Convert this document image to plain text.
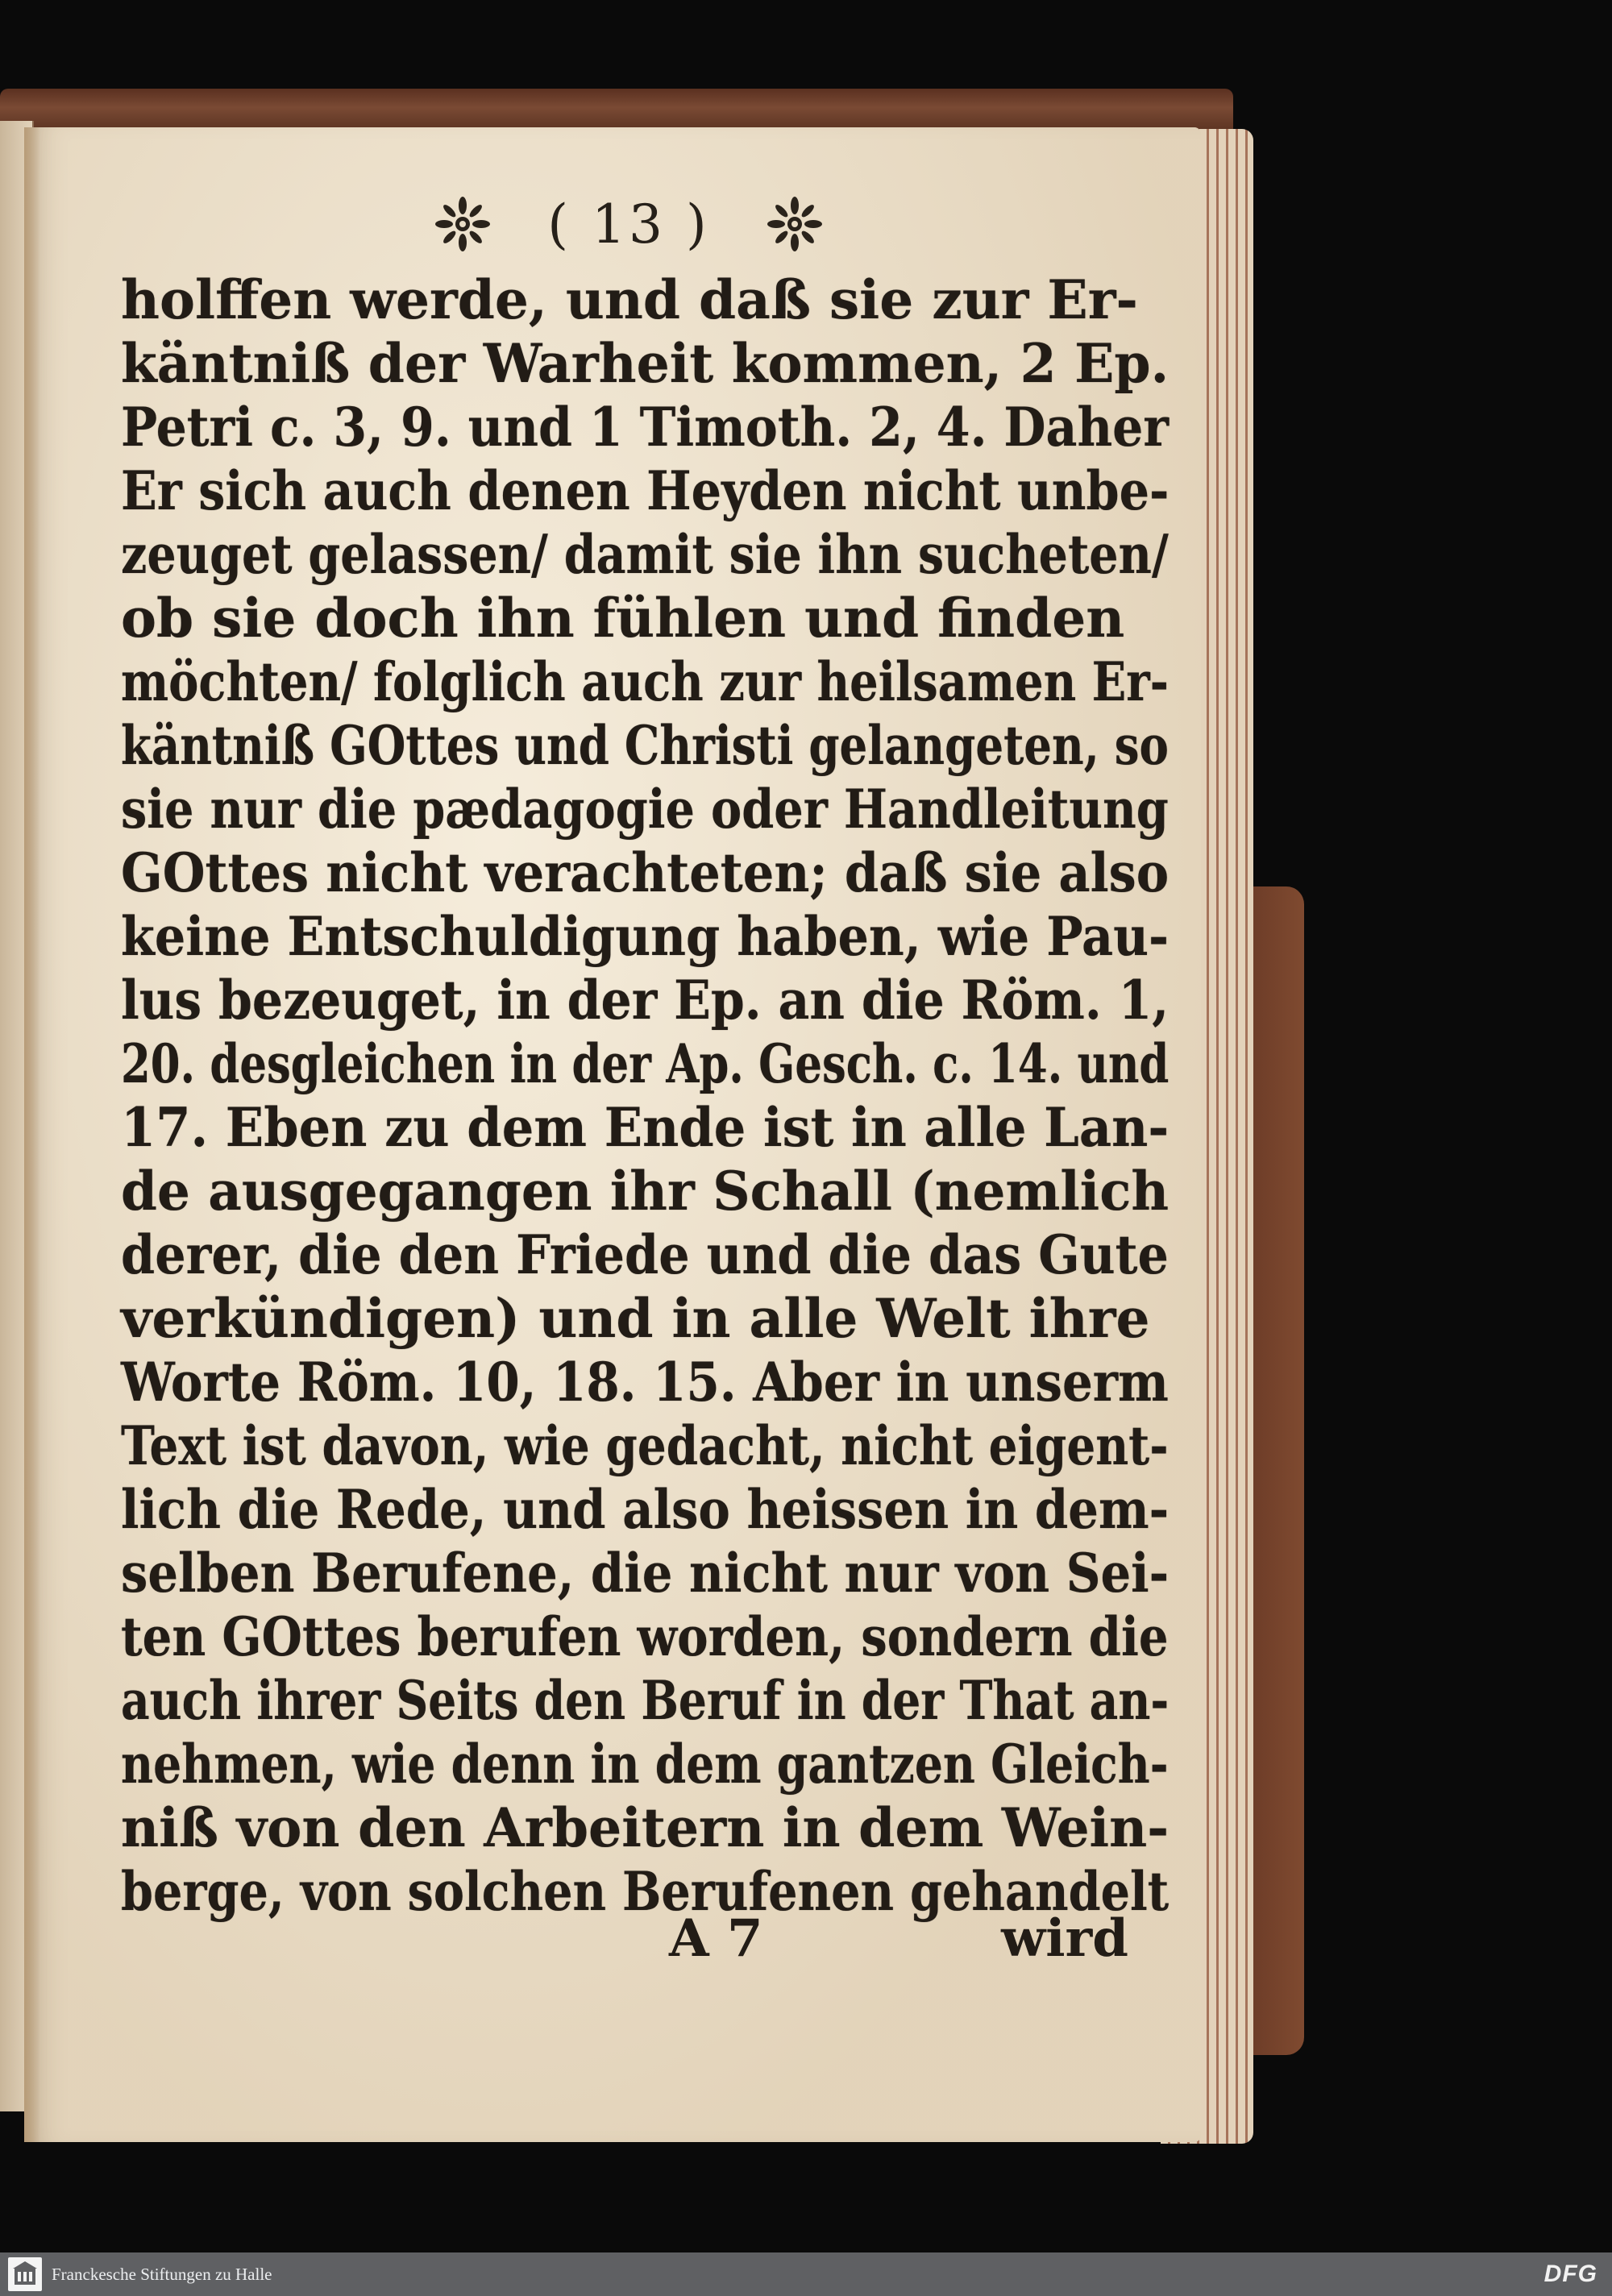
( 13 )
holffen werde, und daß sie zur Er-
käntniß der Warheit kommen, 2 Ep.
Petri c. 3, 9. und 1 Timoth. 2, 4. Daher
Er sich auch denen Heyden nicht unbe-
zeuget gelassen/ damit sie ihn sucheten/
ob sie doch ihn fühlen und finden
möchten/ folglich auch zur heilsamen Er-
käntniß GOttes und Christi gelangeten, so
sie nur die pædagogie oder Handleitung
GOttes nicht verachteten; daß sie also
keine Entschuldigung haben, wie Pau-
lus bezeuget, in der Ep. an die Röm. 1,
20. desgleichen in der Ap. Gesch. c. 14. und
17. Eben zu dem Ende ist in alle Lan-
de ausgegangen ihr Schall (nemlich
derer, die den Friede und die das Gute
verkündigen) und in alle Welt ihre
Worte Röm. 10, 18. 15. Aber in unserm
Text ist davon, wie gedacht, nicht eigent-
lich die Rede, und also heissen in dem-
selben Berufene, die nicht nur von Sei-
ten GOttes berufen worden, sondern die
auch ihrer Seits den Beruf in der That an-
nehmen, wie denn in dem gantzen Gleich-
niß von den Arbeitern in dem Wein-
berge, von solchen Berufenen gehandelt
A 7	wird
Franckesche Stiftungen zu Halle	DFG
